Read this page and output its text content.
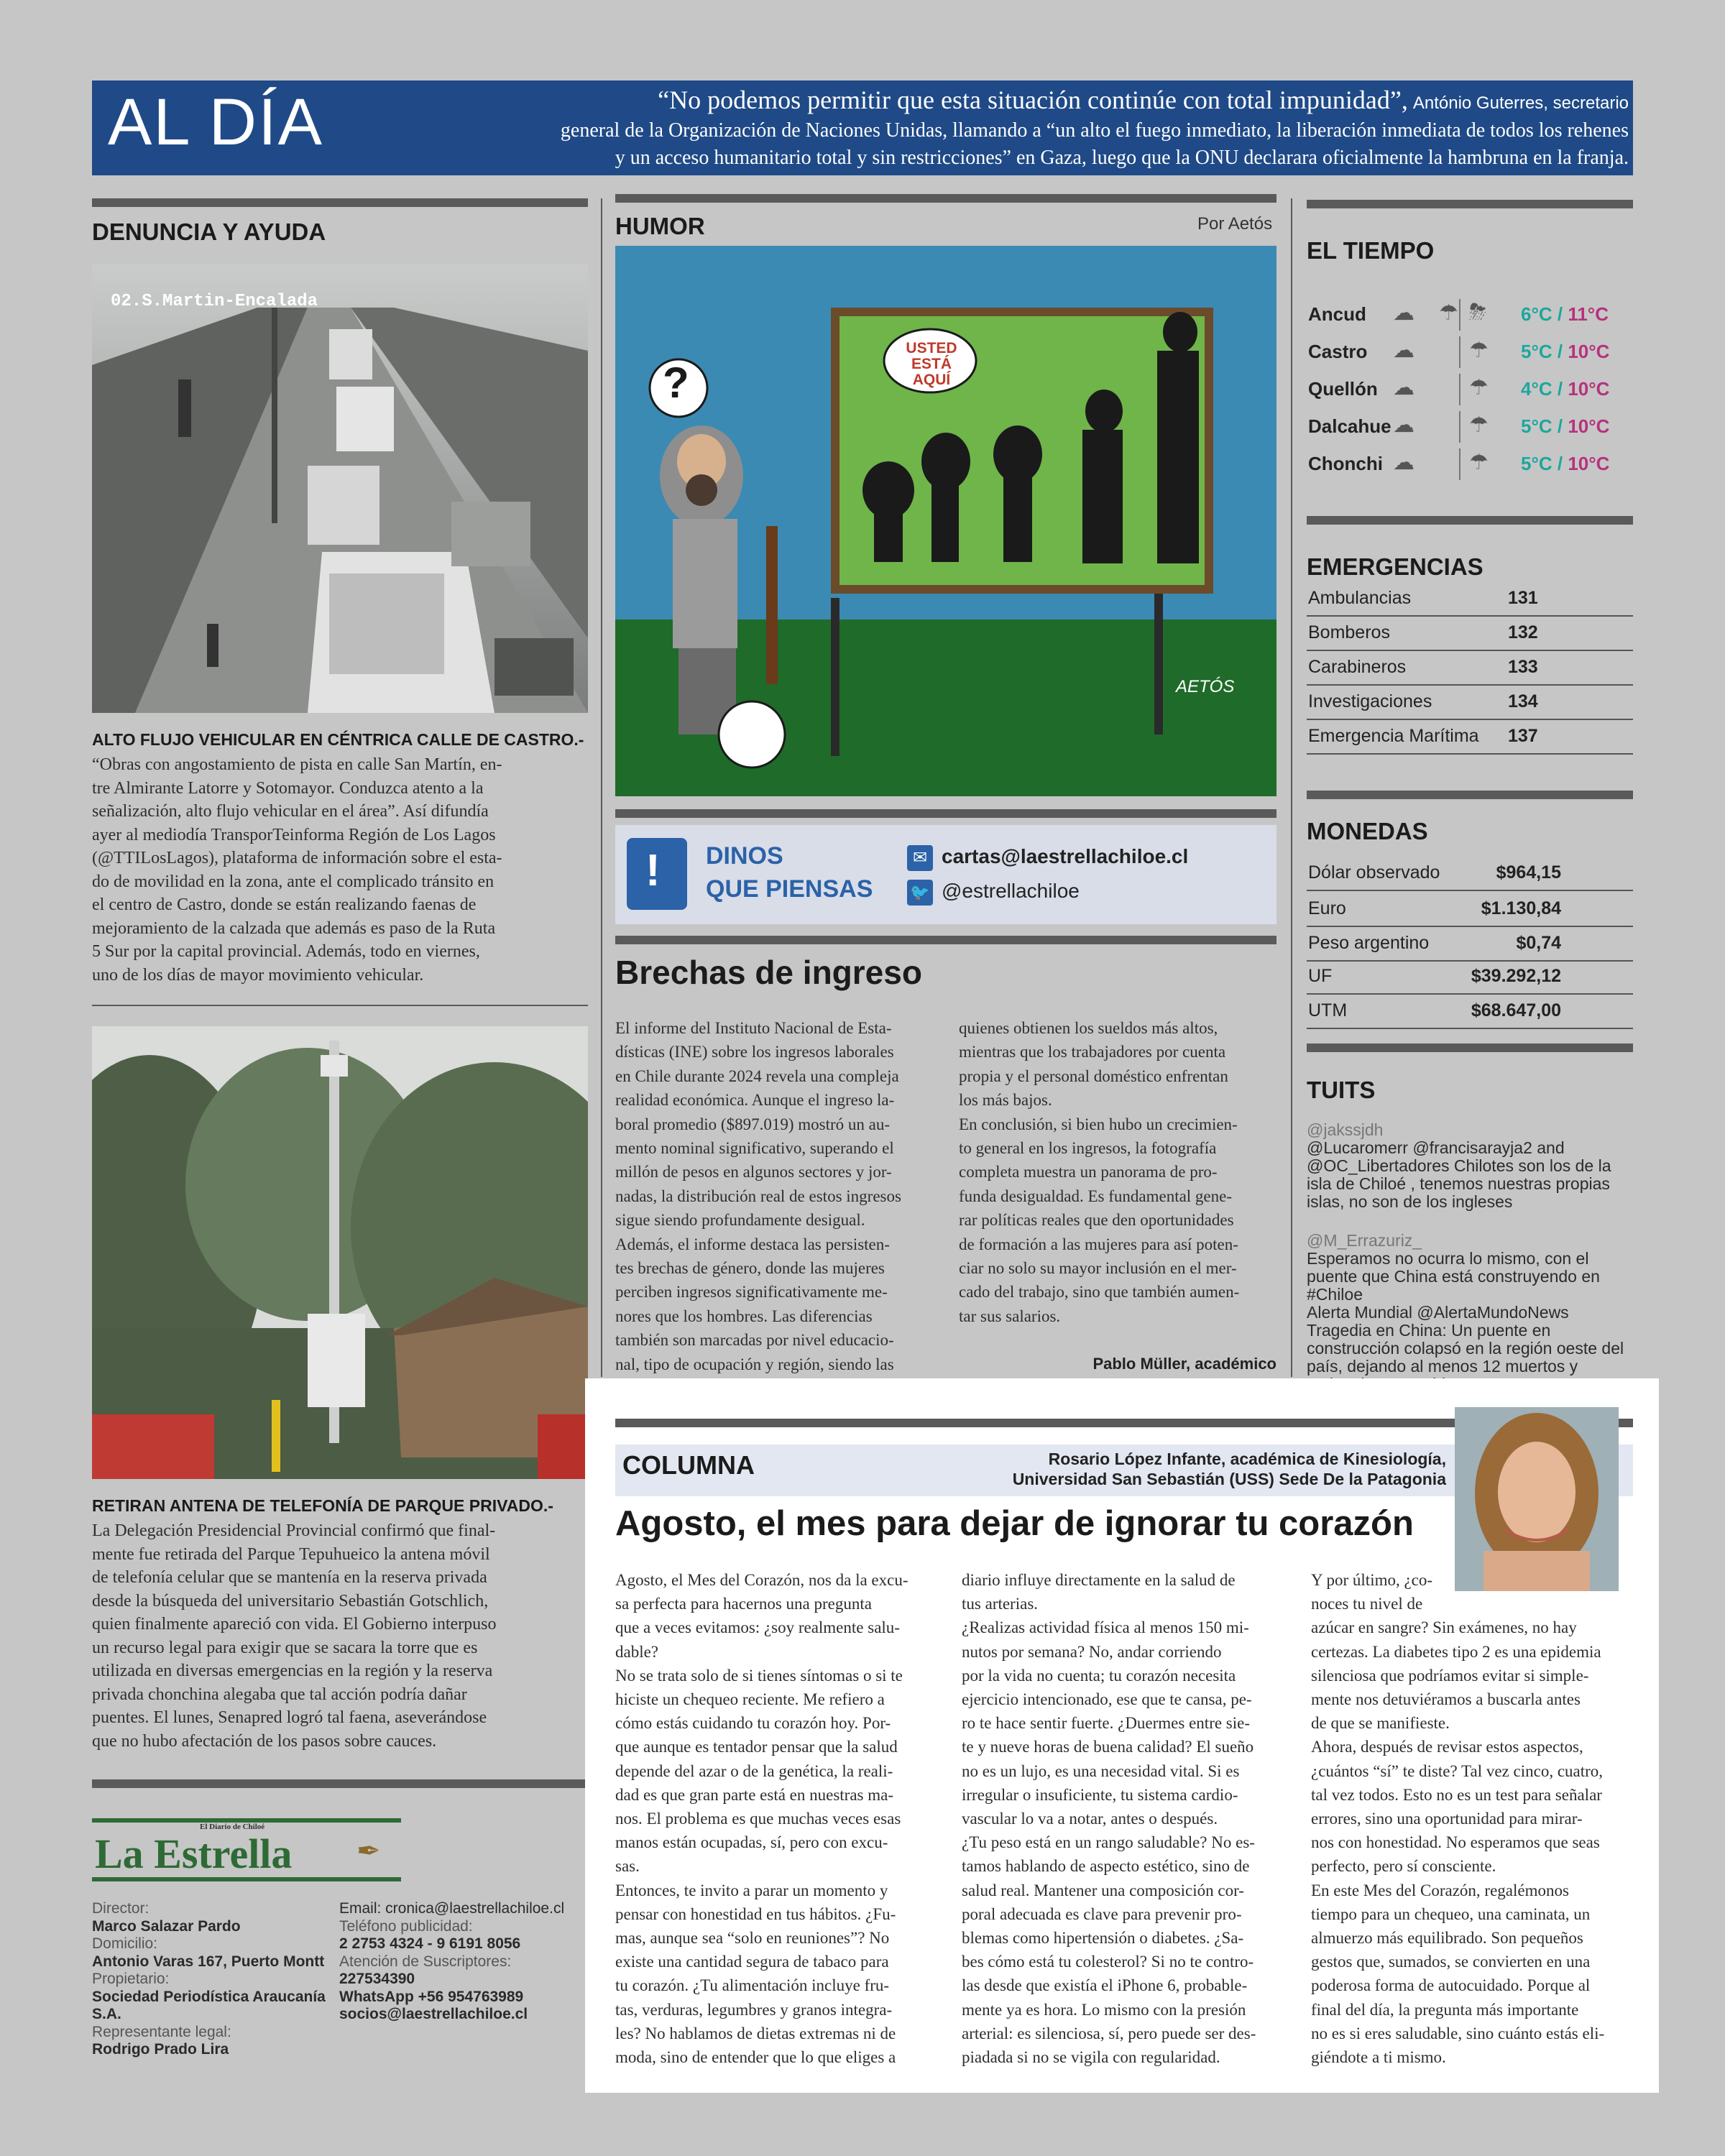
AL DÍA	“No podemos permitir que esta situación continúe con total impunidad”, António Guterres, secretario
general de la Organización de Naciones Unidas, llamando a “un alto el fuego inmediato, la liberación inmediata de todos los rehenes
y un acceso humanitario total y sin restricciones” en Gaza, luego que la ONU declarara oficialmente la hambruna en la franja.
DENUNCIA Y AYUDA
02.S.Martin-Encalada
ALTO FLUJO VEHICULAR EN CÉNTRICA CALLE DE CASTRO.-
“Obras con angostamiento de pista en calle San Martín, en-
tre Almirante Latorre y Sotomayor. Conduzca atento a la
señalización, alto flujo vehicular en el área”. Así difundía
ayer al mediodía TransporTeinforma Región de Los Lagos
(@TTILosLagos), plataforma de información sobre el esta-
do de movilidad en la zona, ante el complicado tránsito en
el centro de Castro, donde se están realizando faenas de
mejoramiento de la calzada que además es paso de la Ruta
5 Sur por la capital provincial. Además, todo en viernes,
uno de los días de mayor movimiento vehicular.
RETIRAN ANTENA DE TELEFONÍA DE PARQUE PRIVADO.-
La Delegación Presidencial Provincial confirmó que final-
mente fue retirada del Parque Tepuhueico la antena móvil
de telefonía celular que se mantenía en la reserva privada
desde la búsqueda del universitario Sebastián Gotschlich,
quien finalmente apareció con vida. El Gobierno interpuso
un recurso legal para exigir que se sacara la torre que es
utilizada en diversas emergencias en la región y la reserva
privada chonchina alegaba que tal acción podría dañar
puentes. El lunes, Senapred logró tal faena, aseverándose
que no hubo afectación de los pasos sobre cauces.
El Diario de Chiloé
La Estrella ✒
Director:
Marco Salazar Pardo
Domicilio:
Antonio Varas 167, Puerto Montt
Propietario:
Sociedad Periodística Araucanía S.A.
Representante legal:
Rodrigo Prado Lira
Email: cronica@laestrellachiloe.cl
Teléfono publicidad:
2 2753 4324 - 9 6191 8056
Atención de Suscriptores:
227534390
WhatsApp +56 954763989
socios@laestrellachiloe.cl
HUMOR	Por Aetós
USTED ESTÁ AQUÍ
?
AETÓS
! DINOS
QUE PIENSAS
✉ cartas@laestrellachiloe.cl
🐦 @estrellachiloe
Brechas de ingreso
El informe del Instituto Nacional de Esta-
dísticas (INE) sobre los ingresos laborales
en Chile durante 2024 revela una compleja
realidad económica. Aunque el ingreso la-
boral promedio ($897.019) mostró un au-
mento nominal significativo, superando el
millón de pesos en algunos sectores y jor-
nadas, la distribución real de estos ingresos
sigue siendo profundamente desigual.
Además, el informe destaca las persisten-
tes brechas de género, donde las mujeres
perciben ingresos significativamente me-
nores que los hombres. Las diferencias
también son marcadas por nivel educacio-
nal, tipo de ocupación y región, siendo las
quienes obtienen los sueldos más altos,
mientras que los trabajadores por cuenta
propia y el personal doméstico enfrentan
los más bajos.
En conclusión, si bien hubo un crecimien-
to general en los ingresos, la fotografía
completa muestra un panorama de pro-
funda desigualdad. Es fundamental gene-
rar políticas reales que den oportunidades
de formación a las mujeres para así poten-
ciar no solo su mayor inclusión en el mer-
cado del trabajo, sino que también aumen-
tar sus salarios.
Pablo Müller, académico
EL TIEMPO
Ancud ☁ ☂ ⛈ 6°C / 11°C
Castro ☁	☂ 5°C / 10°C
Quellón ☁	☂ 4°C / 10°C
Dalcahue ☁	☂ 5°C / 10°C
Chonchi ☁	☂ 5°C / 10°C
EMERGENCIAS
Ambulancias	131
Bomberos	132
Carabineros	133
Investigaciones	134
Emergencia Marítima 137
MONEDAS
Dólar observado	$964,15
Euro	$1.130,84
Peso argentino	$0,74
UF	$39.292,12
UTM	$68.647,00
TUITS
@jakssjdh
@Lucaromerr @francisarayja2 and
@OC_Libertadores Chilotes son los de la
isla de Chiloé , tenemos nuestras propias
islas, no son de los ingleses
@M_Errazuriz_
Esperamos no ocurra lo mismo, con el
puente que China está construyendo en
#Chiloe
Alerta Mundial @AlertaMundoNews
Tragedia en China: Un puente en
construcción colapsó en la región oeste del
país, dejando al menos 12 muertos y
COLUMNA	Rosario López Infante, académica de Kinesiología,
Universidad San Sebastián (USS) Sede De la Patagonia
Agosto, el mes para dejar de ignorar tu corazón
Agosto, el Mes del Corazón, nos da la excu-
sa perfecta para hacernos una pregunta
que a veces evitamos: ¿soy realmente salu-
dable?
No se trata solo de si tienes síntomas o si te
hiciste un chequeo reciente. Me refiero a
cómo estás cuidando tu corazón hoy. Por-
que aunque es tentador pensar que la salud
depende del azar o de la genética, la reali-
dad es que gran parte está en nuestras ma-
nos. El problema es que muchas veces esas
manos están ocupadas, sí, pero con excu-
sas.
Entonces, te invito a parar un momento y
pensar con honestidad en tus hábitos. ¿Fu-
mas, aunque sea “solo en reuniones”? No
existe una cantidad segura de tabaco para
tu corazón. ¿Tu alimentación incluye fru-
tas, verduras, legumbres y granos integra-
les? No hablamos de dietas extremas ni de
moda, sino de entender que lo que eliges a
diario influye directamente en la salud de
tus arterias.
¿Realizas actividad física al menos 150 mi-
nutos por semana? No, andar corriendo
por la vida no cuenta; tu corazón necesita
ejercicio intencionado, ese que te cansa, pe-
ro te hace sentir fuerte. ¿Duermes entre sie-
te y nueve horas de buena calidad? El sueño
no es un lujo, es una necesidad vital. Si es
irregular o insuficiente, tu sistema cardio-
vascular lo va a notar, antes o después.
¿Tu peso está en un rango saludable? No es-
tamos hablando de aspecto estético, sino de
salud real. Mantener una composición cor-
poral adecuada es clave para prevenir pro-
blemas como hipertensión o diabetes. ¿Sa-
bes cómo está tu colesterol? Si no te contro-
las desde que existía el iPhone 6, probable-
mente ya es hora. Lo mismo con la presión
arterial: es silenciosa, sí, pero puede ser des-
piadada si no se vigila con regularidad.
Y por último, ¿co-
noces tu nivel de
azúcar en sangre? Sin exámenes, no hay
certezas. La diabetes tipo 2 es una epidemia
silenciosa que podríamos evitar si simple-
mente nos detuviéramos a buscarla antes
de que se manifieste.
Ahora, después de revisar estos aspectos,
¿cuántos “sí” te diste? Tal vez cinco, cuatro,
tal vez todos. Esto no es un test para señalar
errores, sino una oportunidad para mirar-
nos con honestidad. No esperamos que seas
perfecto, pero sí consciente.
En este Mes del Corazón, regalémonos
tiempo para un chequeo, una caminata, un
almuerzo más equilibrado. Son pequeños
gestos que, sumados, se convierten en una
poderosa forma de autocuidado. Porque al
final del día, la pregunta más importante
no es si eres saludable, sino cuánto estás eli-
giéndote a ti mismo.
